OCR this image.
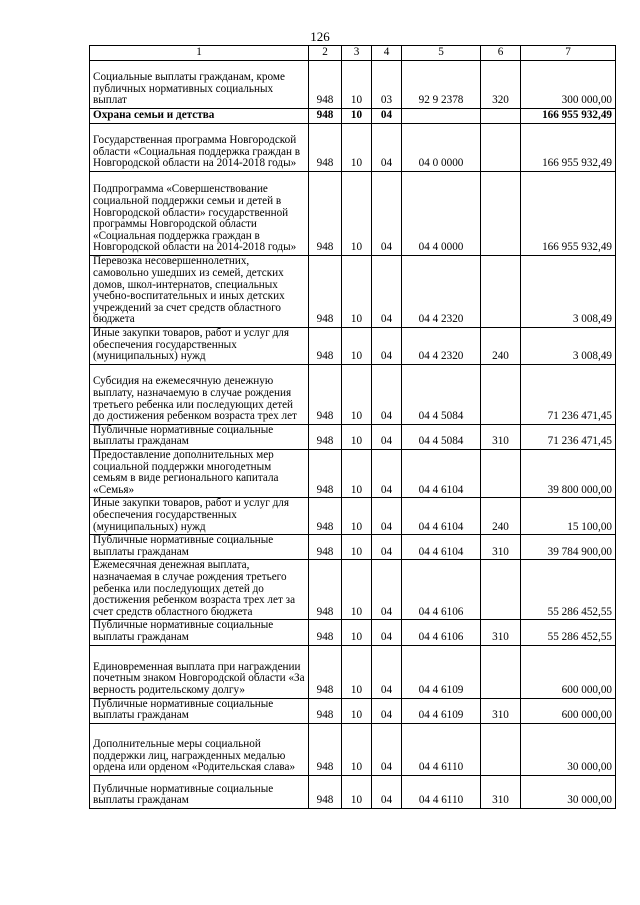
126
1	2	3	4	5	6	7
Социальные выплаты гражданам, кроме публичных нормативных социальных выплат	948	10	03	92 9 2378	320	300 000,00
Охрана семьи и детства	948	10	04			166 955 932,49
Государственная программа Новгородской области «Социальная поддержка граждан в Новгородской области на 2014-2018 годы»	948	10	04	04 0 0000		166 955 932,49
Подпрограмма «Совершенствование социальной поддержки семьи и детей в Новгородской области» государственной программы Новгородской области «Социальная поддержка граждан в Новгородской области на 2014-2018 годы»	948	10	04	04 4 0000		166 955 932,49
Перевозка несовершеннолетних, самовольно ушедших из семей, детских домов, школ-интернатов, специальных учебно-воспитательных и иных детских учреждений за счет средств областного бюджета	948	10	04	04 4 2320		3 008,49
Иные закупки товаров, работ и услуг для обеспечения государственных (муниципальных) нужд	948	10	04	04 4 2320	240	3 008,49
Субсидия на ежемесячную денежную выплату, назначаемую в случае рождения третьего ребенка или последующих детей до достижения ребенком возраста трех лет	948	10	04	04 4 5084		71 236 471,45
Публичные нормативные социальные выплаты гражданам	948	10	04	04 4 5084	310	71 236 471,45
Предоставление дополнительных мер социальной поддержки многодетным семьям в виде регионального капитала «Семья»	948	10	04	04 4 6104		39 800 000,00
Иные закупки товаров, работ и услуг для обеспечения государственных (муниципальных) нужд	948	10	04	04 4 6104	240	15 100,00
Публичные нормативные социальные выплаты гражданам	948	10	04	04 4 6104	310	39 784 900,00
Ежемесячная денежная выплата, назначаемая в случае рождения третьего ребенка или последующих детей до достижения ребенком возраста трех лет за счет средств областного бюджета	948	10	04	04 4 6106		55 286 452,55
Публичные нормативные социальные выплаты гражданам	948	10	04	04 4 6106	310	55 286 452,55
Единовременная выплата при награждении почетным знаком Новгородской области «За верность родительскому долгу»	948	10	04	04 4 6109		600 000,00
Публичные нормативные социальные выплаты гражданам	948	10	04	04 4 6109	310	600 000,00
Дополнительные меры социальной поддержки лиц, награжденных медалью ордена или орденом «Родительская слава»	948	10	04	04 4 6110		30 000,00
Публичные нормативные социальные выплаты гражданам	948	10	04	04 4 6110	310	30 000,00
